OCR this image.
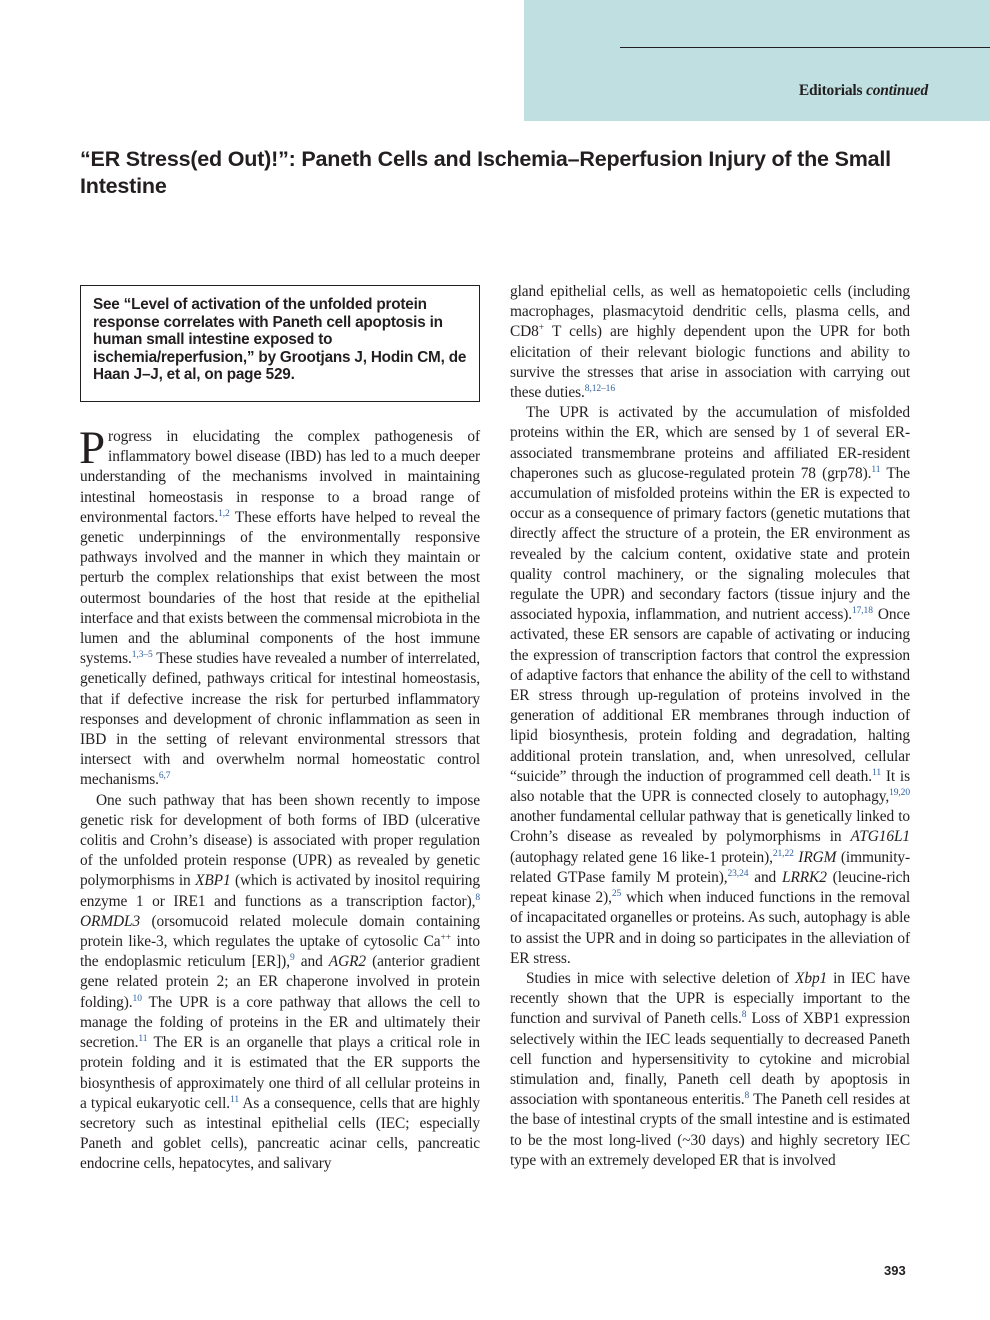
Editorials continued
“ER Stress(ed Out)!”: Paneth Cells and Ischemia–Reperfusion Injury of the Small Intestine

See “Level of activation of the unfolded protein response correlates with Paneth cell apoptosis in human small intestine exposed to ischemia/reperfusion,” by Grootjans J, Hodin CM, de Haan J–J, et al, on page 529.

Progress in elucidating the complex pathogenesis of inflammatory bowel disease (IBD) has led to a much deeper understanding of the mechanisms involved in maintaining intestinal homeostasis in response to a broad range of environmental factors.$^{1,2}$ These efforts have helped to reveal the genetic underpinnings of the environmentally responsive pathways involved and the manner in which they maintain or perturb the complex relationships that exist between the most outermost boundaries of the host that reside at the epithelial interface and that exists between the commensal microbiota in the lumen and the abluminal components of the host immune systems.$^{1,3-5}$ These studies have revealed a number of interrelated, genetically defined, pathways critical for intestinal homeostasis, that if defective increase the risk for perturbed inflammatory responses and development of chronic inflammation as seen in IBD in the setting of relevant environmental stressors that intersect with and overwhelm normal homeostatic control mechanisms.$^{6,7}$

One such pathway that has been shown recently to impose genetic risk for development of both forms of IBD (ulcerative colitis and Crohn’s disease) is associated with proper regulation of the unfolded protein response (UPR) as revealed by genetic polymorphisms in XBP1 (which is activated by inositol requiring enzyme 1 or IRE1 and functions as a transcription factor),$^8$ ORMDL3 (orsomucoid related molecule domain containing protein like-3, which regulates the uptake of cytosolic Ca++ into the endoplasmic reticulum [ER]),$^9$ and AGR2 (anterior gradient gene related protein 2; an ER chaperone involved in protein folding).$^{10}$ The UPR is a core pathway that allows the cell to manage the folding of proteins in the ER and ultimately their secretion.$^{11}$ The ER is an organelle that plays a critical role in protein folding and it is estimated that the ER supports the biosynthesis of approximately one third of all cellular proteins in a typical eukaryotic cell.$^{11}$ As a consequence, cells that are highly secretory such as intestinal epithelial cells (IEC; especially Paneth and goblet cells), pancreatic acinar cells, pancreatic endocrine cells, hepatocytes, and salivary

gland epithelial cells, as well as hematopoietic cells (including macrophages, plasmacytoid dendritic cells, plasma cells, and CD8+ T cells) are highly dependent upon the UPR for both elicitation of their relevant biologic functions and ability to survive the stresses that arise in association with carrying out these duties.$^{8,12-16}$

The UPR is activated by the accumulation of misfolded proteins within the ER, which are sensed by 1 of several ER-associated transmembrane proteins and affiliated ER-resident chaperones such as glucose-regulated protein 78 (grp78).$^{11}$ The accumulation of misfolded proteins within the ER is expected to occur as a consequence of primary factors (genetic mutations that directly affect the structure of a protein, the ER environment as revealed by the calcium content, oxidative state and protein quality control machinery, or the signaling molecules that regulate the UPR) and secondary factors (tissue injury and the associated hypoxia, inflammation, and nutrient access).$^{17,18}$ Once activated, these ER sensors are capable of activating or inducing the expression of transcription factors that control the expression of adaptive factors that enhance the ability of the cell to withstand ER stress through up-regulation of proteins involved in the generation of additional ER membranes through induction of lipid biosynthesis, protein folding and degradation, halting additional protein translation, and, when unresolved, cellular “suicide” through the induction of programmed cell death.$^{11}$ It is also notable that the UPR is connected closely to autophagy,$^{19,20}$ another fundamental cellular pathway that is genetically linked to Crohn’s disease as revealed by polymorphisms in ATG16L1 (autophagy related gene 16 like-1 protein),$^{21,22}$ IRGM (immunity-related GTPase family M protein),$^{23,24}$ and LRRK2 (leucine-rich repeat kinase 2),$^{25}$ which when induced functions in the removal of incapacitated organelles or proteins. As such, autophagy is able to assist the UPR and in doing so participates in the alleviation of ER stress.

Studies in mice with selective deletion of Xbp1 in IEC have recently shown that the UPR is especially important to the function and survival of Paneth cells.$^8$ Loss of XBP1 expression selectively within the IEC leads sequentially to decreased Paneth cell function and hypersensitivity to cytokine and microbial stimulation and, finally, Paneth cell death by apoptosis in association with spontaneous enteritis.$^8$ The Paneth cell resides at the base of intestinal crypts of the small intestine and is estimated to be the most long-lived (~30 days) and highly secretory IEC type with an extremely developed ER that is involved

393
